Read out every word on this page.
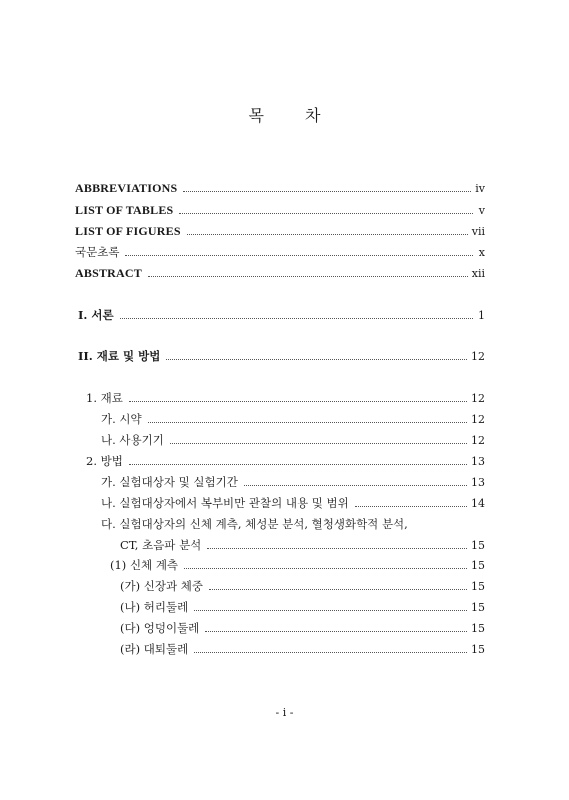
목 차
ABBREVIATIONS	iv
LIST OF TABLES	v
LIST OF FIGURES	vii
국문초록	x
ABSTRACT	xii
I. 서론	1
II. 재료 및 방법	12
1. 재료	12
가. 시약	12
나. 사용기기	12
2. 방법	13
가. 실험대상자 및 실험기간	13
나. 실험대상자에서 복부비만 관찰의 내용 및 범위	14
다. 실험대상자의 신체 계측, 체성분 분석, 혈청생화학적 분석,
CT, 초음파 분석	15
(1) 신체 계측	15
(가) 신장과 체중	15
(나) 허리둘레	15
(다) 엉덩이둘레	15
(라) 대퇴둘레	15
- i -
